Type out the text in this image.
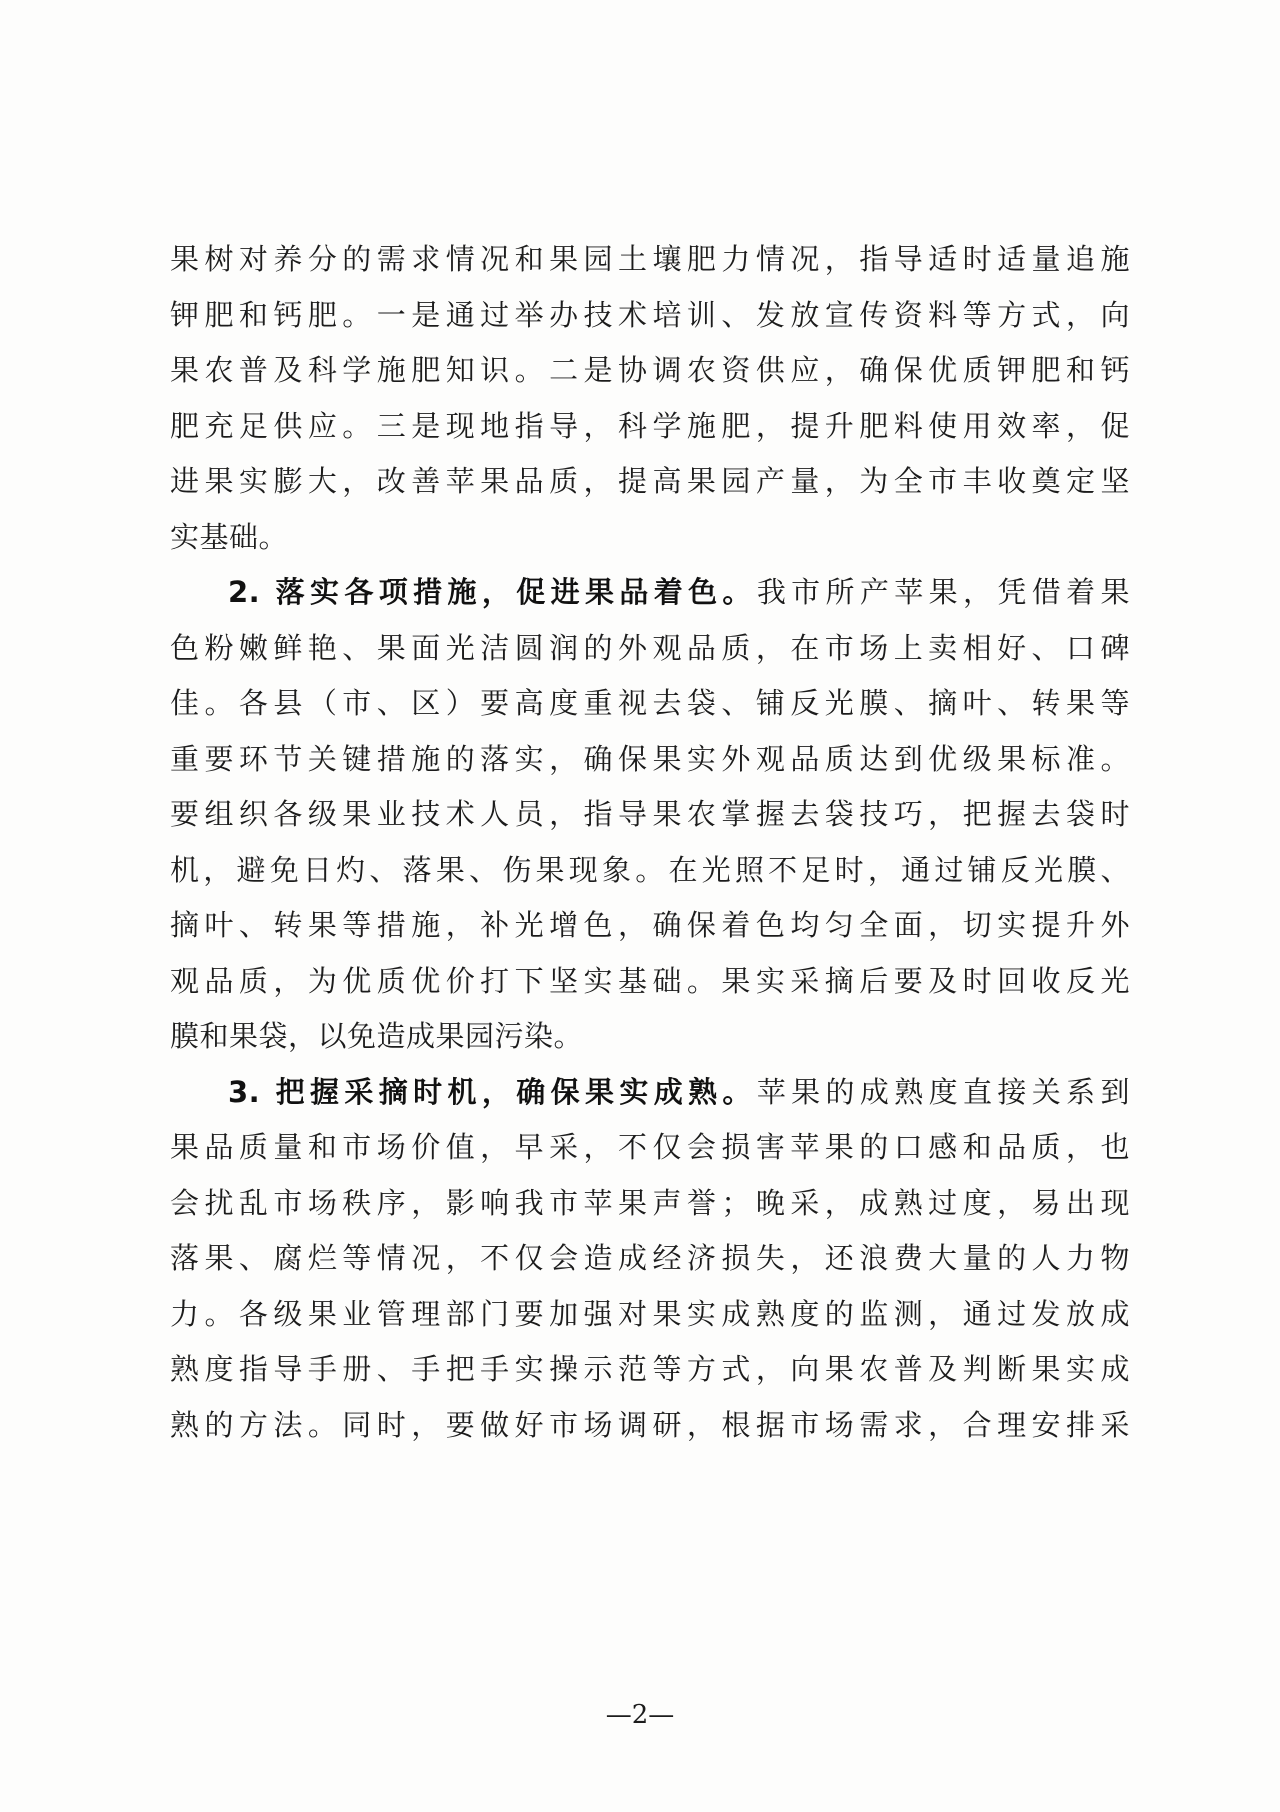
果树对养分的需求情况和果园土壤肥力情况，指导适时适量追施
钾肥和钙肥。一是通过举办技术培训、发放宣传资料等方式，向
果农普及科学施肥知识。二是协调农资供应，确保优质钾肥和钙
肥充足供应。三是现地指导，科学施肥，提升肥料使用效率，促
进果实膨大，改善苹果品质，提高果园产量，为全市丰收奠定坚
实基础。
2. 落实各项措施，促进果品着色。我市所产苹果，凭借着果
色粉嫩鲜艳、果面光洁圆润的外观品质，在市场上卖相好、口碑
佳。各县（市、区）要高度重视去袋、铺反光膜、摘叶、转果等
重要环节关键措施的落实，确保果实外观品质达到优级果标准。
要组织各级果业技术人员，指导果农掌握去袋技巧，把握去袋时
机，避免日灼、落果、伤果现象。在光照不足时，通过铺反光膜、
摘叶、转果等措施，补光增色，确保着色均匀全面，切实提升外
观品质，为优质优价打下坚实基础。果实采摘后要及时回收反光
膜和果袋，以免造成果园污染。
3. 把握采摘时机，确保果实成熟。苹果的成熟度直接关系到
果品质量和市场价值，早采，不仅会损害苹果的口感和品质，也
会扰乱市场秩序，影响我市苹果声誉；晚采，成熟过度，易出现
落果、腐烂等情况，不仅会造成经济损失，还浪费大量的人力物
力。各级果业管理部门要加强对果实成熟度的监测，通过发放成
熟度指导手册、手把手实操示范等方式，向果农普及判断果实成
熟的方法。同时，要做好市场调研，根据市场需求，合理安排采
—2—
